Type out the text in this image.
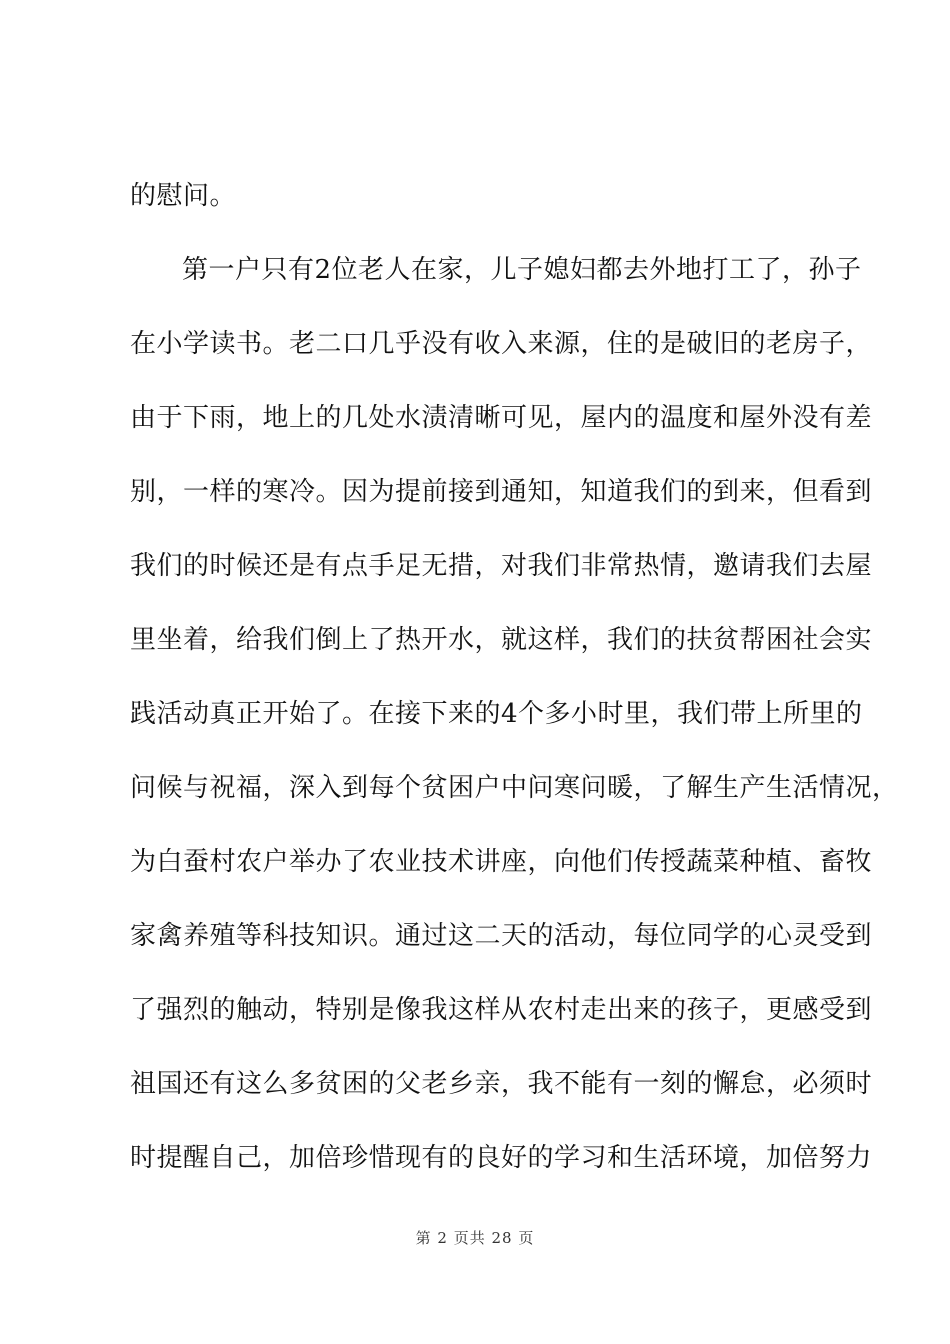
的慰问。
第一户只有2位老人在家，儿子媳妇都去外地打工了，孙子
在小学读书。老二口几乎没有收入来源，住的是破旧的老房子，
由于下雨，地上的几处水渍清晰可见，屋内的温度和屋外没有差
别，一样的寒冷。因为提前接到通知，知道我们的到来，但看到
我们的时候还是有点手足无措，对我们非常热情，邀请我们去屋
里坐着，给我们倒上了热开水，就这样，我们的扶贫帮困社会实
践活动真正开始了。在接下来的4个多小时里，我们带上所里的
问候与祝福，深入到每个贫困户中问寒问暖，了解生产生活情况，
为白蚕村农户举办了农业技术讲座，向他们传授蔬菜种植、畜牧
家禽养殖等科技知识。通过这二天的活动，每位同学的心灵受到
了强烈的触动，特别是像我这样从农村走出来的孩子，更感受到
祖国还有这么多贫困的父老乡亲，我不能有一刻的懈怠，必须时
时提醒自己，加倍珍惜现有的良好的学习和生活环境，加倍努力
第 2 页共 28 页
